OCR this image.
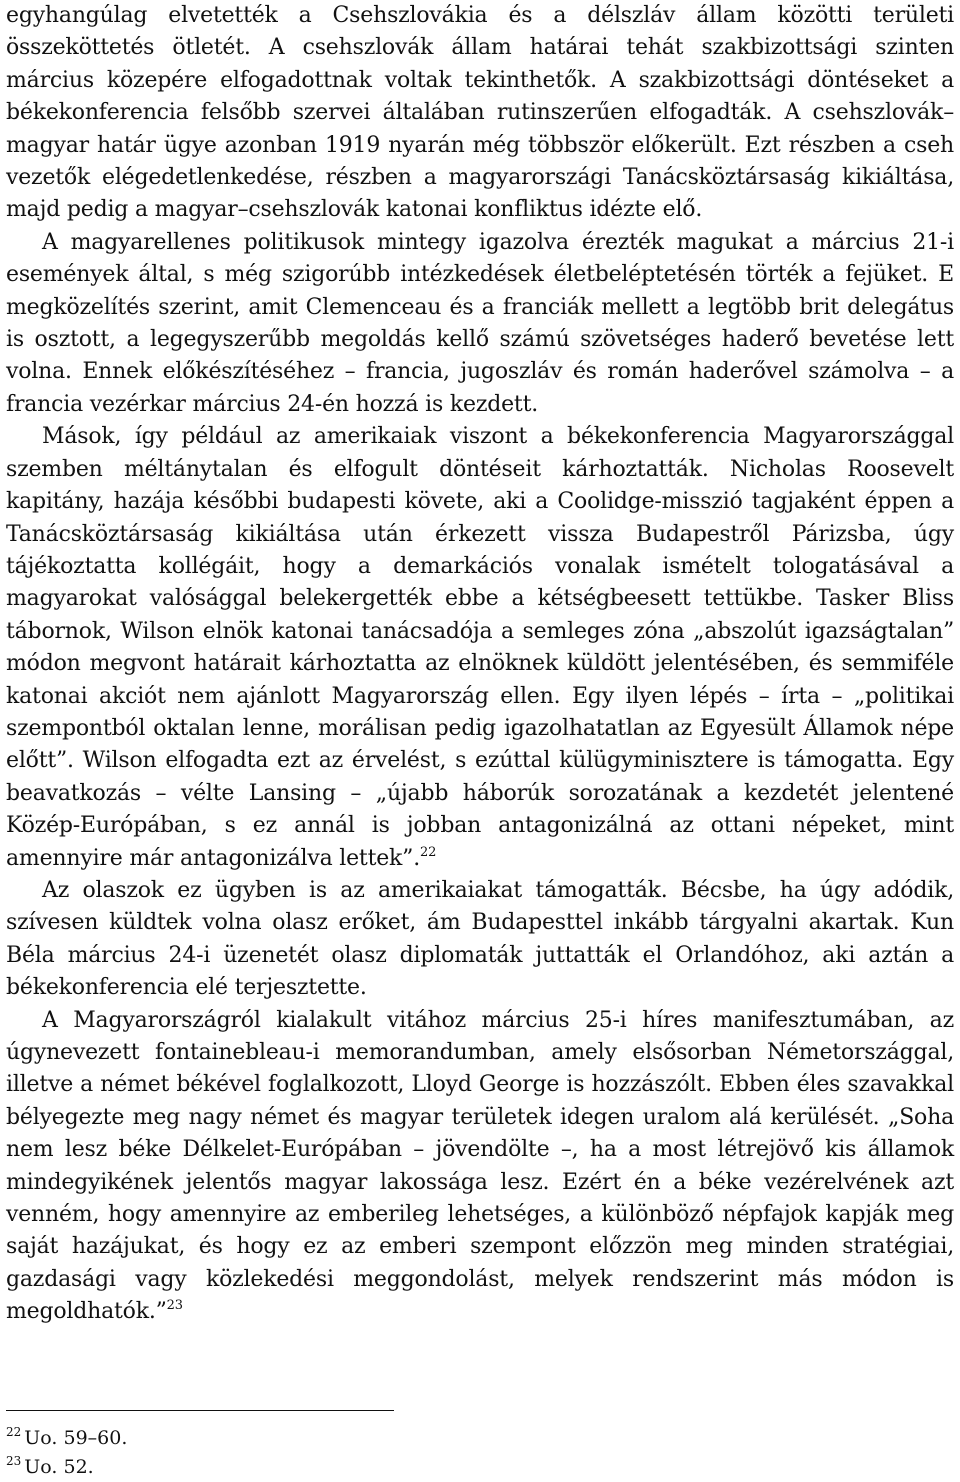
egyhangúlag elvetették a Csehszlovákia és a délszláv állam közötti területi összeköttetés ötletét. A csehszlovák állam határai tehát szakbizottsági szinten március közepére elfogadottnak voltak tekinthetők. A szakbizottsági döntéseket a békekonferencia felsőbb szervei általában rutinszerűen elfogadták. A csehszlovák–magyar határ ügye azonban 1919 nyarán még többször előkerült. Ezt részben a cseh vezetők elégedetlenkedése, részben a magyarországi Tanácsköztársaság kikiáltása, majd pedig a magyar–csehszlovák katonai konfliktus idézte elő.

A magyarellenes politikusok mintegy igazolva érezték magukat a március 21-i események által, s még szigorúbb intézkedések életbeléptetésén törték a fejüket. E megközelítés szerint, amit Clemenceau és a franciák mellett a legtöbb brit delegátus is osztott, a legegyszerűbb megoldás kellő számú szövetséges haderő bevetése lett volna. Ennek előkészítéséhez – francia, jugoszláv és román haderővel számolva – a francia vezérkar március 24-én hozzá is kezdett.

Mások, így például az amerikaiak viszont a békekonferencia Magyarországgal szemben méltánytalan és elfogult döntéseit kárhoztatták. Nicholas Roosevelt kapitány, hazája későbbi budapesti követe, aki a Coolidge-misszió tagjaként éppen a Tanácsköztársaság kikiáltása után érkezett vissza Budapestről Párizsba, úgy tájékoztatta kollégáit, hogy a demarkációs vonalak ismételt tologatásával a magyarokat valósággal belekergették ebbe a kétségbeesett tettükbe. Tasker Bliss tábornok, Wilson elnök katonai tanácsadója a semleges zóna „abszolút igazságtalan” módon megvont határait kárhoztatta az elnöknek küldött jelentésében, és semmiféle katonai akciót nem ajánlott Magyarország ellen. Egy ilyen lépés – írta – „politikai szempontból oktalan lenne, morálisan pedig igazolhatatlan az Egyesült Államok népe előtt”. Wilson elfogadta ezt az érvelést, s ezúttal külügyminisztere is támogatta. Egy beavatkozás – vélte Lansing – „újabb háborúk sorozatának a kezdetét jelentené Közép-Európában, s ez annál is jobban antagonizálná az ottani népeket, mint amennyire már antagonizálva lettek”.$^{22}$

Az olaszok ez ügyben is az amerikaiakat támogatták. Bécsbe, ha úgy adódik, szívesen küldtek volna olasz erőket, ám Budapesttel inkább tárgyalni akartak. Kun Béla március 24-i üzenetét olasz diplomaták juttatták el Orlandóhoz, aki aztán a békekonferencia elé terjesztette.

A Magyarországról kialakult vitához március 25-i híres manifesztumában, az úgynevezett fontainebleau-i memorandumban, amely elsősorban Németországgal, illetve a német békével foglalkozott, Lloyd George is hozzászólt. Ebben éles szavakkal bélyegezte meg nagy német és magyar területek idegen uralom alá kerülését. „Soha nem lesz béke Délkelet-Európában – jövendölte –, ha a most létrejövő kis államok mindegyikének jelentős magyar lakossága lesz. Ezért én a béke vezérelvének azt venném, hogy amennyire az emberileg lehetséges, a különböző népfajok kapják meg saját hazájukat, és hogy ez az emberi szempont előzzön meg minden stratégiai, gazdasági vagy közlekedési meggondolást, melyek rendszerint más módon is megoldhatók.”$^{23}$

$^{22}$ Uo. 59–60.
$^{23}$ Uo. 52.
